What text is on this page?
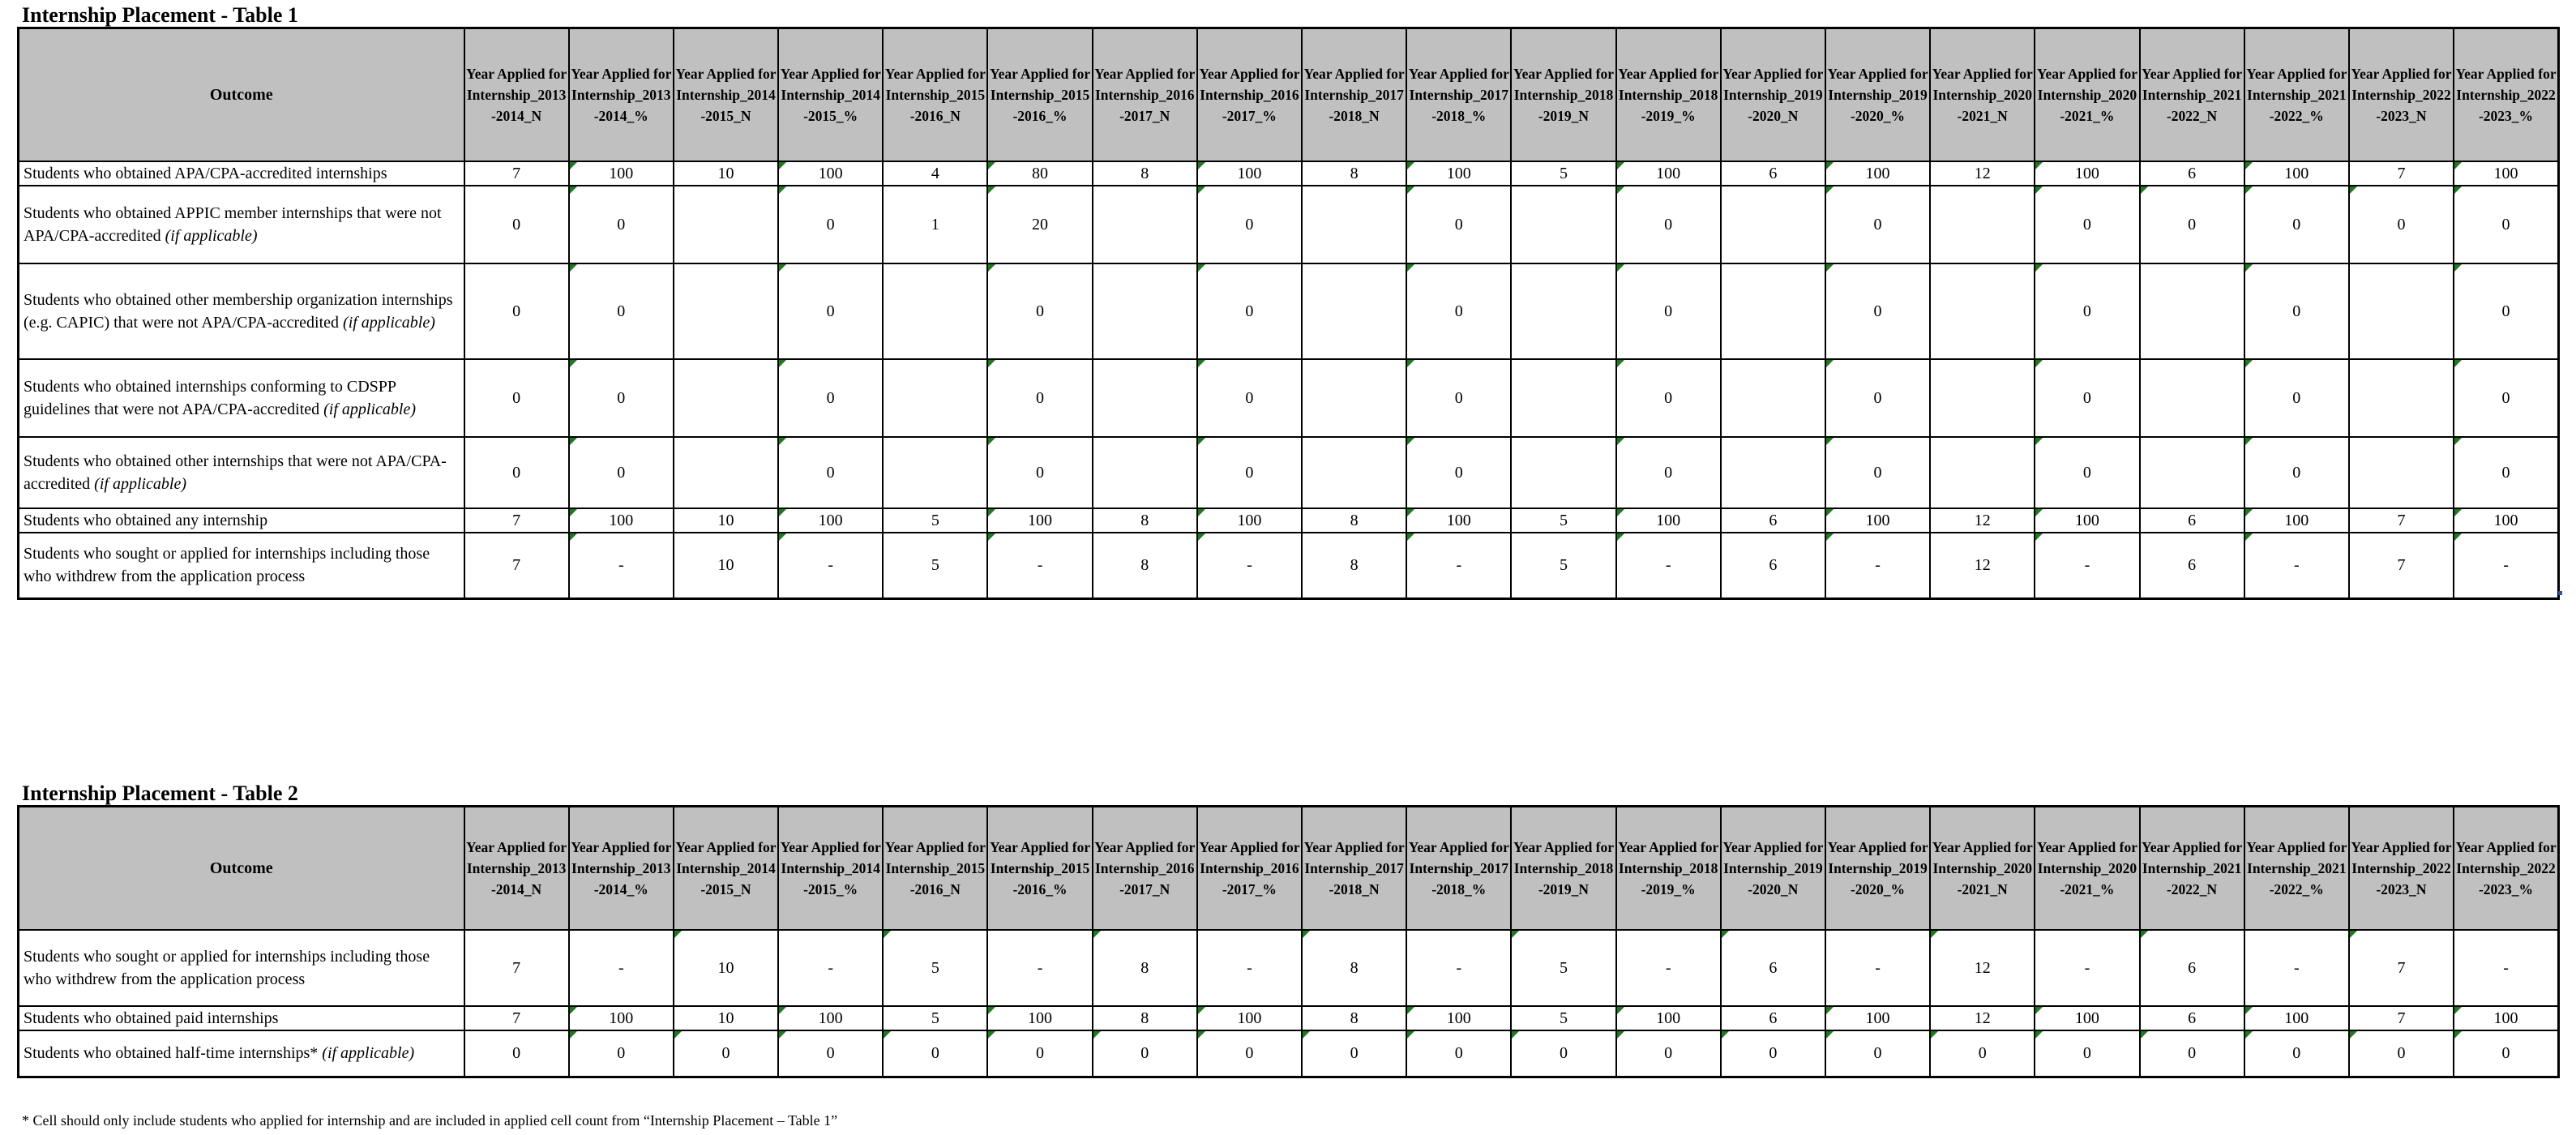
Internship Placement - Table 1
Outcome	Year Applied for Internship_2013-2014_N	Year Applied for Internship_2013-2014_%	Year Applied for Internship_2014-2015_N	Year Applied for Internship_2014-2015_%	Year Applied for Internship_2015-2016_N	Year Applied for Internship_2015-2016_%	Year Applied for Internship_2016-2017_N	Year Applied for Internship_2016-2017_%	Year Applied for Internship_2017-2018_N	Year Applied for Internship_2017-2018_%	Year Applied for Internship_2018-2019_N	Year Applied for Internship_2018-2019_%	Year Applied for Internship_2019-2020_N	Year Applied for Internship_2019-2020_%	Year Applied for Internship_2020-2021_N	Year Applied for Internship_2020-2021_%	Year Applied for Internship_2021-2022_N	Year Applied for Internship_2021-2022_%	Year Applied for Internship_2022-2023_N	Year Applied for Internship_2022-2023_%
Students who obtained APA/CPA-accredited internships	7	100	10	100	4	80	8	100	8	100	5	100	6	100	12	100	6	100	7	100
Students who obtained APPIC member internships that were not APA/CPA-accredited (if applicable)	0	0		0	1	20		0		0		0		0		0	0	0	0	0
Students who obtained other membership organization internships (e.g. CAPIC) that were not APA/CPA-accredited (if applicable)	0	0		0		0		0		0		0		0		0		0		0
Students who obtained internships conforming to CDSPP guidelines that were not APA/CPA-accredited (if applicable)	0	0		0		0		0		0		0		0		0		0		0
Students who obtained other internships that were not APA/CPA-accredited (if applicable)	0	0		0		0		0		0		0		0		0		0		0
Students who obtained any internship	7	100	10	100	5	100	8	100	8	100	5	100	6	100	12	100	6	100	7	100
Students who sought or applied for internships including those who withdrew from the application process	7	-	10	-	5	-	8	-	8	-	5	-	6	-	12	-	6	-	7	-
Internship Placement - Table 2
Outcome	Year Applied for Internship_2013-2014_N	Year Applied for Internship_2013-2014_%	Year Applied for Internship_2014-2015_N	Year Applied for Internship_2014-2015_%	Year Applied for Internship_2015-2016_N	Year Applied for Internship_2015-2016_%	Year Applied for Internship_2016-2017_N	Year Applied for Internship_2016-2017_%	Year Applied for Internship_2017-2018_N	Year Applied for Internship_2017-2018_%	Year Applied for Internship_2018-2019_N	Year Applied for Internship_2018-2019_%	Year Applied for Internship_2019-2020_N	Year Applied for Internship_2019-2020_%	Year Applied for Internship_2020-2021_N	Year Applied for Internship_2020-2021_%	Year Applied for Internship_2021-2022_N	Year Applied for Internship_2021-2022_%	Year Applied for Internship_2022-2023_N	Year Applied for Internship_2022-2023_%
Students who sought or applied for internships including those who withdrew from the application process	7	-	10	-	5	-	8	-	8	-	5	-	6	-	12	-	6	-	7	-
Students who obtained paid internships	7	100	10	100	5	100	8	100	8	100	5	100	6	100	12	100	6	100	7	100
Students who obtained half-time internships* (if applicable)	0	0	0	0	0	0	0	0	0	0	0	0	0	0	0	0	0	0	0	0
* Cell should only include students who applied for internship and are included in applied cell count from “Internship Placement – Table 1”
